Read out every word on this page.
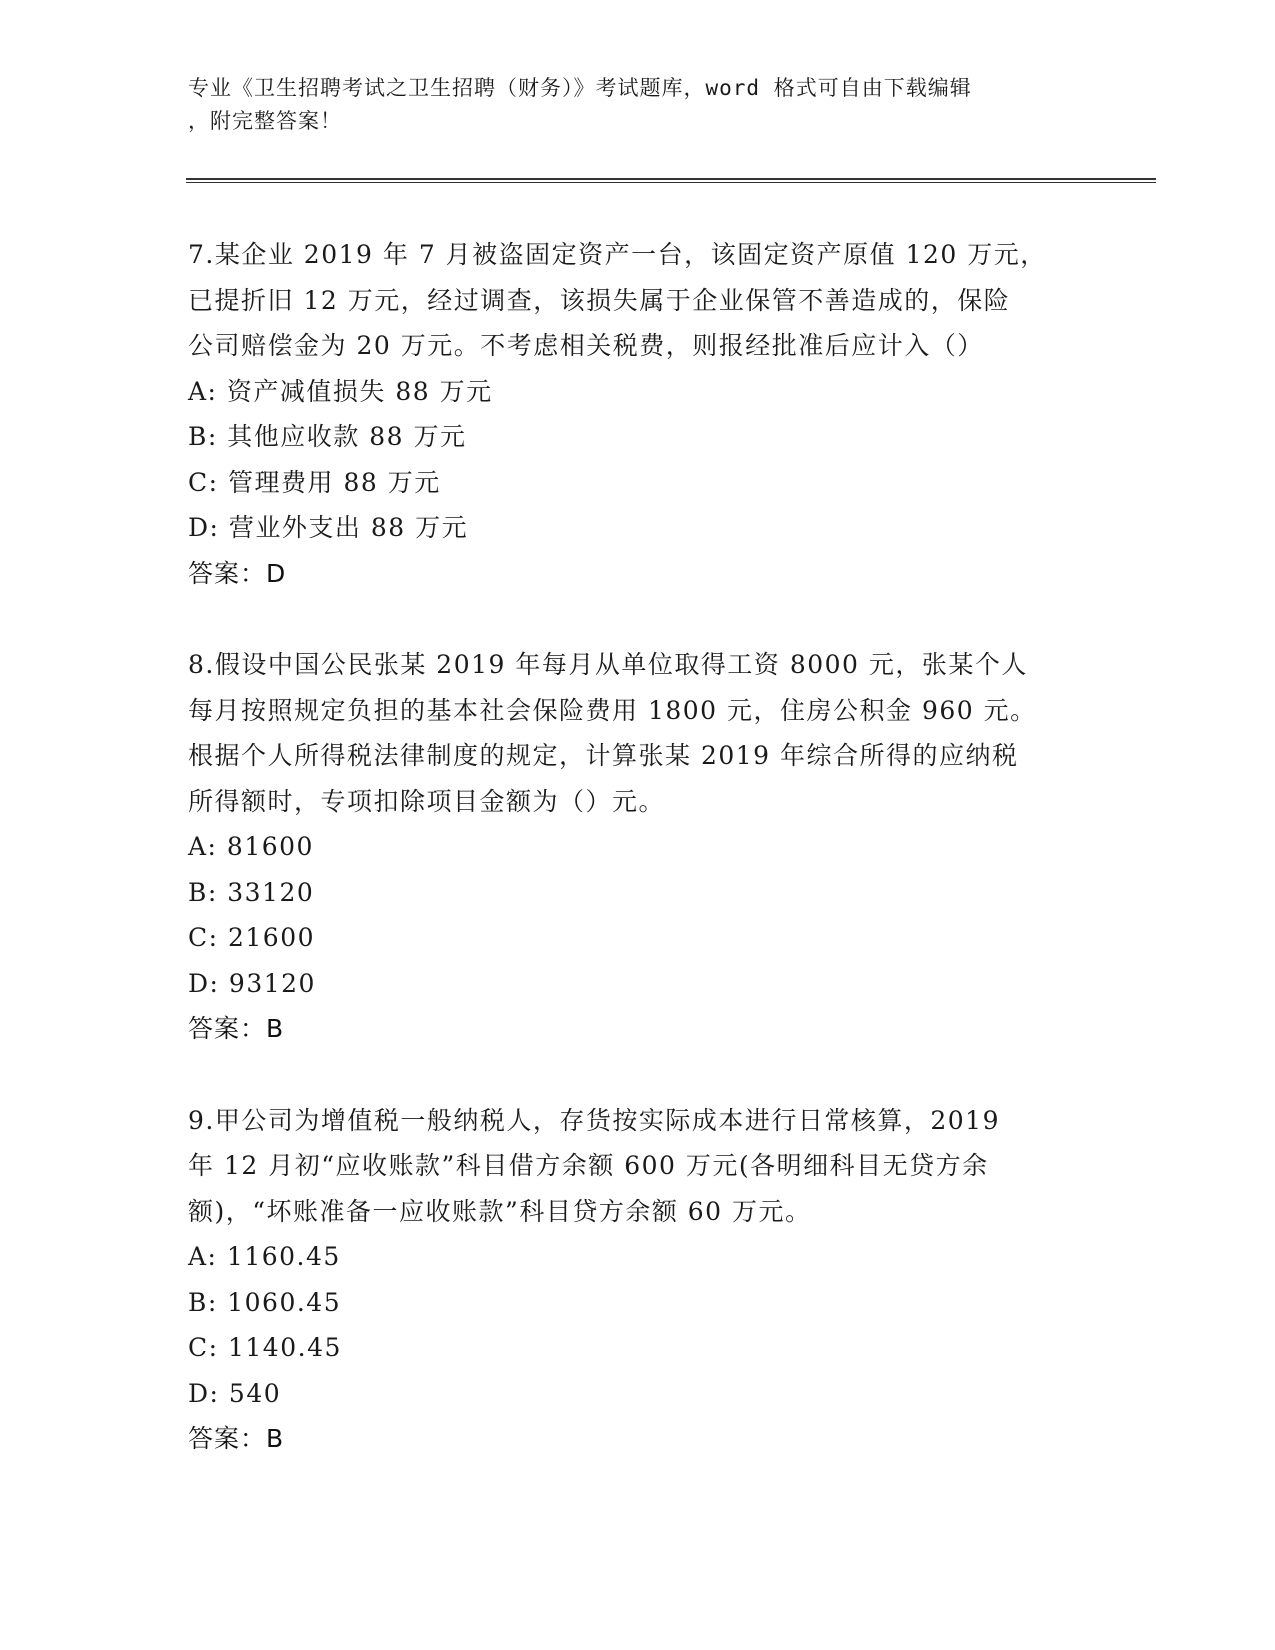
专业《卫生招聘考试之卫生招聘（财务）》考试题库，word 格式可自由下载编辑
，附完整答案！

7.某企业 2019 年 7 月被盗固定资产一台，该固定资产原值 120 万元，

已提折旧 12 万元，经过调查，该损失属于企业保管不善造成的，保险

公司赔偿金为 20 万元。不考虑相关税费，则报经批准后应计入（）

A: 资产减值损失 88 万元

B: 其他应收款 88 万元

C: 管理费用 88 万元

D: 营业外支出 88 万元

答案：D

8.假设中国公民张某 2019 年每月从单位取得工资 8000 元，张某个人

每月按照规定负担的基本社会保险费用 1800 元，住房公积金 960 元。

根据个人所得税法律制度的规定，计算张某 2019 年综合所得的应纳税

所得额时，专项扣除项目金额为（）元。

A: 81600

B: 33120

C: 21600

D: 93120

答案：B

9.甲公司为增值税一般纳税人，存货按实际成本进行日常核算，2019

年 12 月初“应收账款”科目借方余额 600 万元(各明细科目无贷方余

额)，“坏账准备一应收账款”科目贷方余额 60 万元。

A: 1160.45

B: 1060.45

C: 1140.45

D: 540

答案：B
